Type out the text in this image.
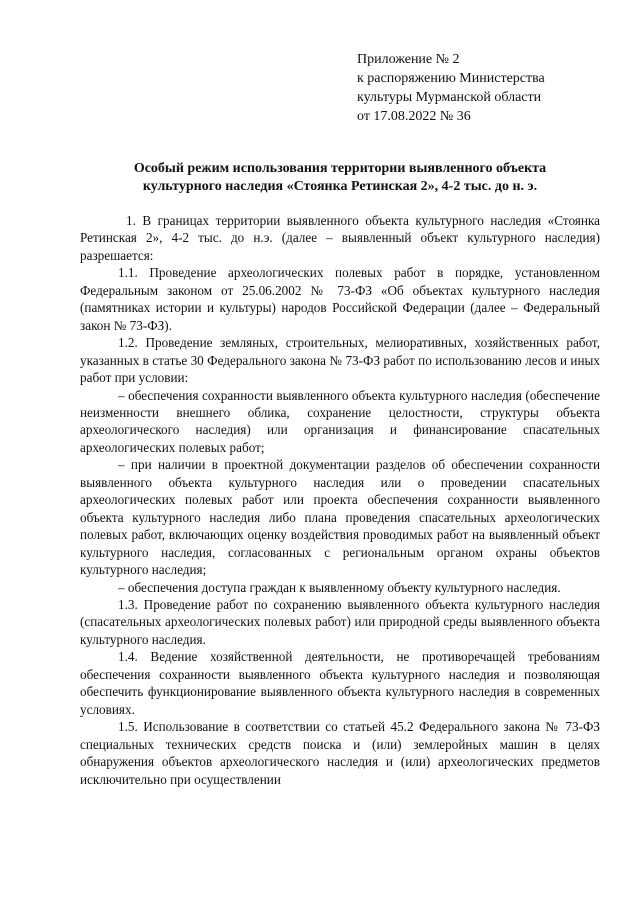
Приложение № 2
к распоряжению Министерства
культуры Мурманской области
от 17.08.2022 № 36
Особый режим использования территории выявленного объекта
культурного наследия «Стоянка Ретинская 2», 4-2 тыс. до н. э.

1. В границах территории выявленного объекта культурного наследия «Стоянка Ретинская 2», 4-2 тыс. до н.э. (далее – выявленный объект культурного наследия) разрешается:

1.1. Проведение археологических полевых работ в порядке, установленном Федеральным законом от 25.06.2002 № 73-ФЗ «Об объектах культурного наследия (памятниках истории и культуры) народов Российской Федерации (далее – Федеральный закон № 73-ФЗ).

1.2. Проведение земляных, строительных, мелиоративных, хозяйственных работ, указанных в статье 30 Федерального закона № 73-ФЗ работ по использованию лесов и иных работ при условии:

– обеспечения сохранности выявленного объекта культурного наследия (обеспечение неизменности внешнего облика, сохранение целостности, структуры объекта археологического наследия) или организация и финансирование спасательных археологических полевых работ;

– при наличии в проектной документации разделов об обеспечении сохранности выявленного объекта культурного наследия или о проведении спасательных археологических полевых работ или проекта обеспечения сохранности выявленного объекта культурного наследия либо плана проведения спасательных археологических полевых работ, включающих оценку воздействия проводимых работ на выявленный объект культурного наследия, согласованных с региональным органом охраны объектов культурного наследия;

– обеспечения доступа граждан к выявленному объекту культурного наследия.

1.3. Проведение работ по сохранению выявленного объекта культурного наследия (спасательных археологических полевых работ) или природной среды выявленного объекта культурного наследия.

1.4. Ведение хозяйственной деятельности, не противоречащей требованиям обеспечения сохранности выявленного объекта культурного наследия и позволяющая обеспечить функционирование выявленного объекта культурного наследия в современных условиях.

1.5. Использование в соответствии со статьей 45.2 Федерального закона № 73-ФЗ специальных технических средств поиска и (или) землеройных машин в целях обнаружения объектов археологического наследия и (или) археологических предметов исключительно при осуществлении
